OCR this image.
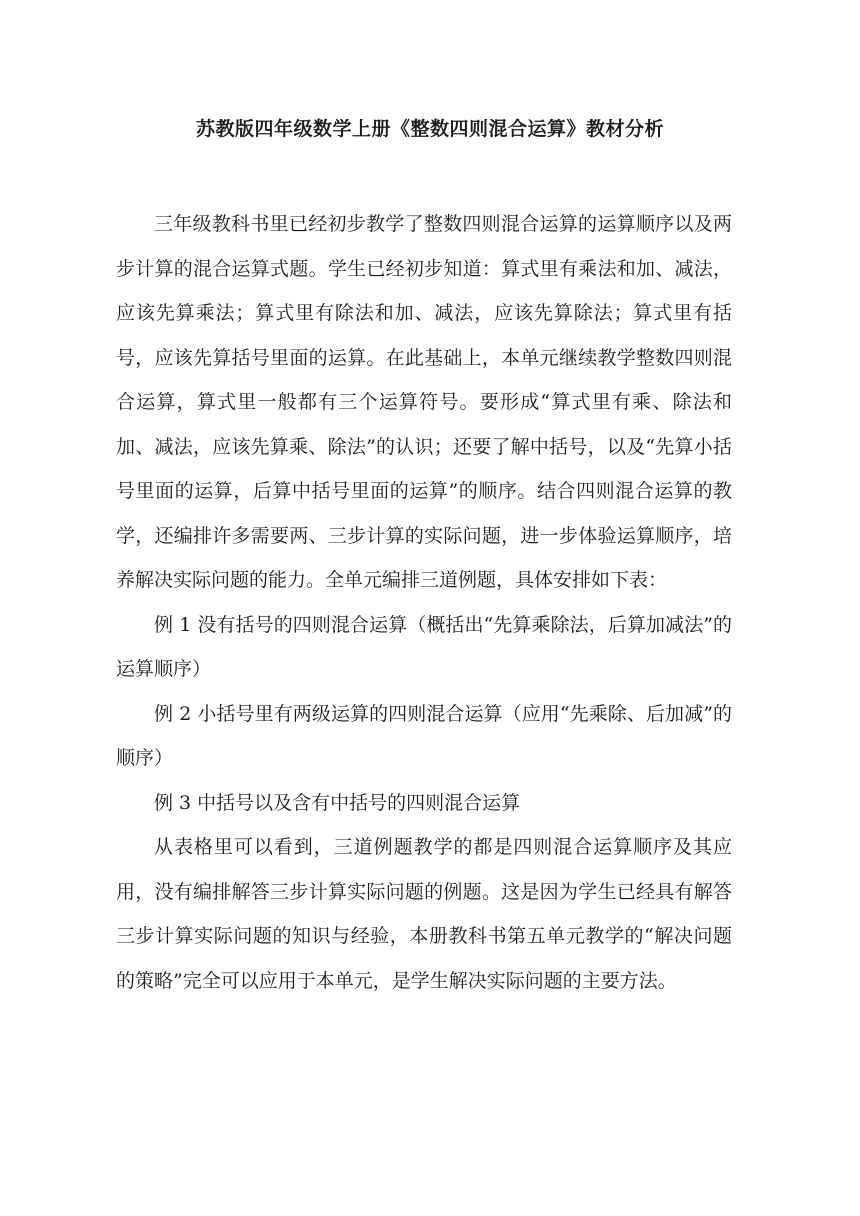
苏教版四年级数学上册《整数四则混合运算》教材分析

三年级教科书里已经初步教学了整数四则混合运算的运算顺序以及两步计算的混合运算式题。学生已经初步知道：算式里有乘法和加、减法，应该先算乘法；算式里有除法和加、减法，应该先算除法；算式里有括号，应该先算括号里面的运算。在此基础上，本单元继续教学整数四则混合运算，算式里一般都有三个运算符号。要形成“算式里有乘、除法和加、减法，应该先算乘、除法”的认识；还要了解中括号，以及“先算小括号里面的运算，后算中括号里面的运算”的顺序。结合四则混合运算的教学，还编排许多需要两、三步计算的实际问题，进一步体验运算顺序，培养解决实际问题的能力。全单元编排三道例题，具体安排如下表：

例 1 没有括号的四则混合运算（概括出“先算乘除法，后算加减法”的运算顺序）

例 2 小括号里有两级运算的四则混合运算（应用“先乘除、后加减”的顺序）

例 3 中括号以及含有中括号的四则混合运算

从表格里可以看到，三道例题教学的都是四则混合运算顺序及其应用，没有编排解答三步计算实际问题的例题。这是因为学生已经具有解答三步计算实际问题的知识与经验，本册教科书第五单元教学的“解决问题的策略”完全可以应用于本单元，是学生解决实际问题的主要方法。
